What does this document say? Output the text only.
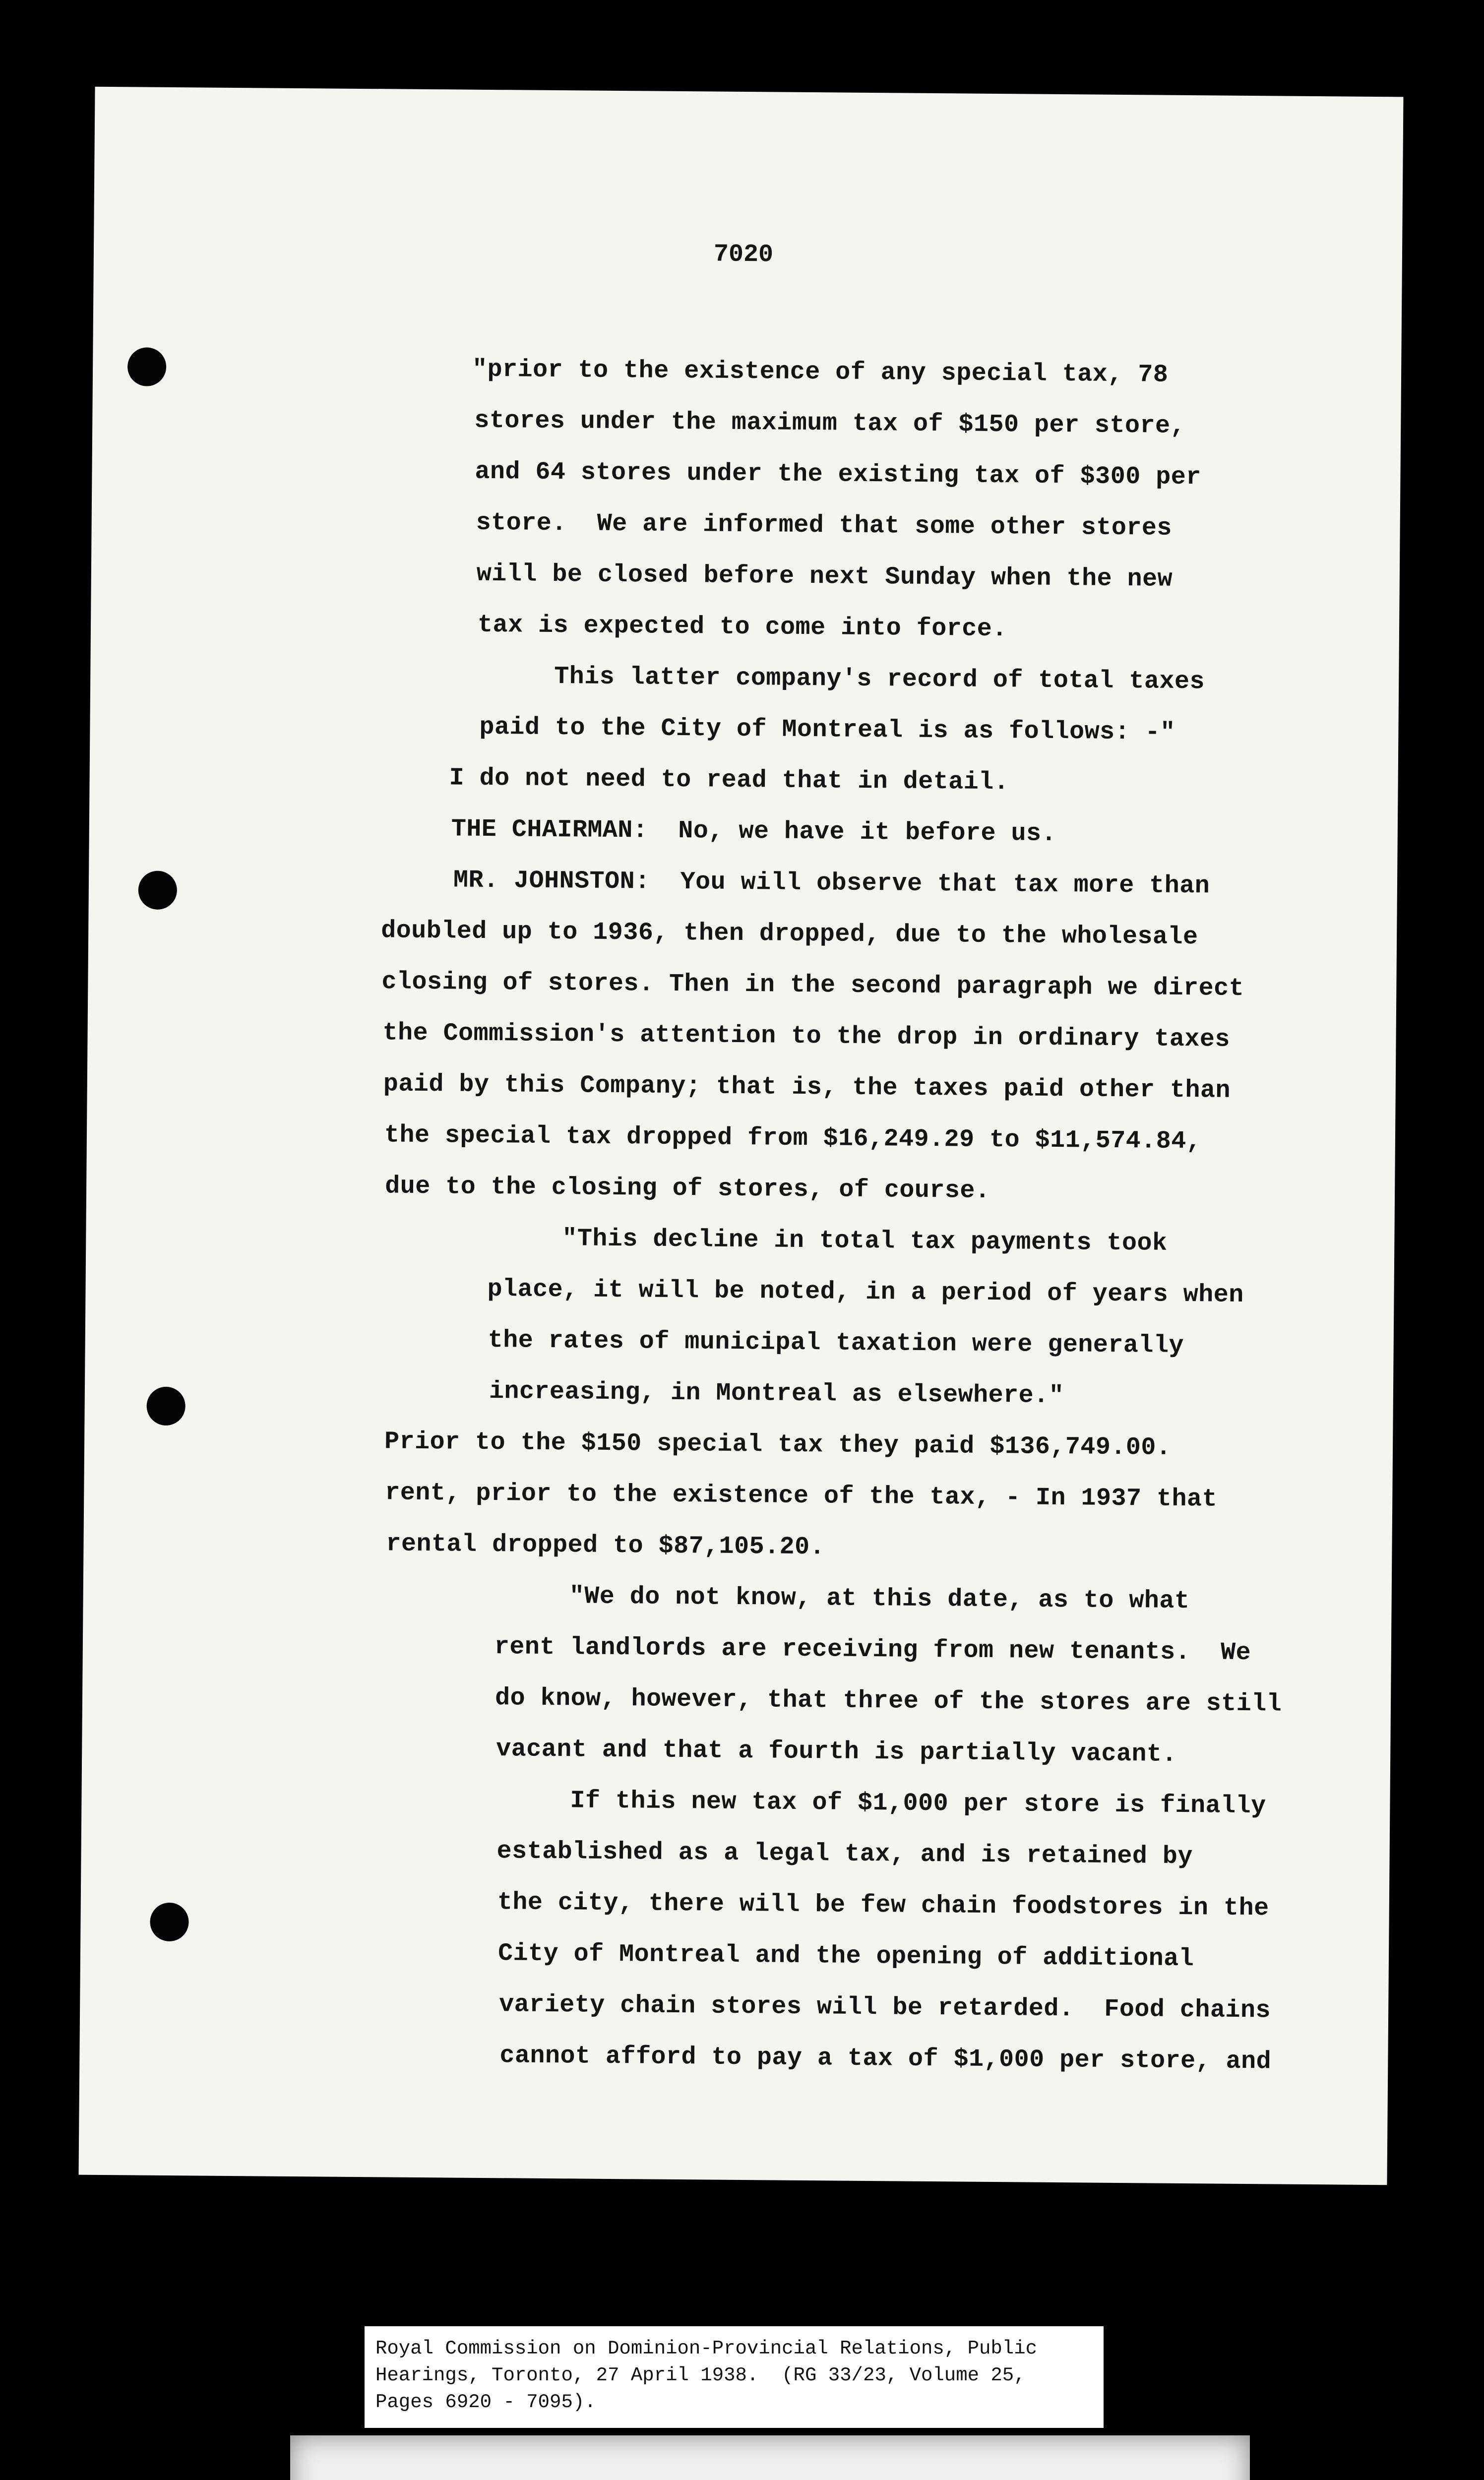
7020
"prior to the existence of any special tax, 78
stores under the maximum tax of $150 per store,
and 64 stores under the existing tax of $300 per
store.  We are informed that some other stores
will be closed before next Sunday when the new
tax is expected to come into force.
This latter company's record of total taxes
paid to the City of Montreal is as follows: -"
I do not need to read that in detail.
THE CHAIRMAN:  No, we have it before us.
MR. JOHNSTON:  You will observe that tax more than
doubled up to 1936, then dropped, due to the wholesale
closing of stores. Then in the second paragraph we direct
the Commission's attention to the drop in ordinary taxes
paid by this Company; that is, the taxes paid other than
the special tax dropped from $16,249.29 to $11,574.84,
due to the closing of stores, of course.
"This decline in total tax payments took
place, it will be noted, in a period of years when
the rates of municipal taxation were generally
increasing, in Montreal as elsewhere."
Prior to the $150 special tax they paid $136,749.00.
rent, prior to the existence of the tax, - In 1937 that
rental dropped to $87,105.20.
"We do not know, at this date, as to what
rent landlords are receiving from new tenants.  We
do know, however, that three of the stores are still
vacant and that a fourth is partially vacant.
If this new tax of $1,000 per store is finally
established as a legal tax, and is retained by
the city, there will be few chain foodstores in the
City of Montreal and the opening of additional
variety chain stores will be retarded.  Food chains
cannot afford to pay a tax of $1,000 per store, and
Royal Commission on Dominion-Provincial Relations, Public
Hearings, Toronto, 27 April 1938.  (RG 33/23, Volume 25,
Pages 6920 - 7095).
